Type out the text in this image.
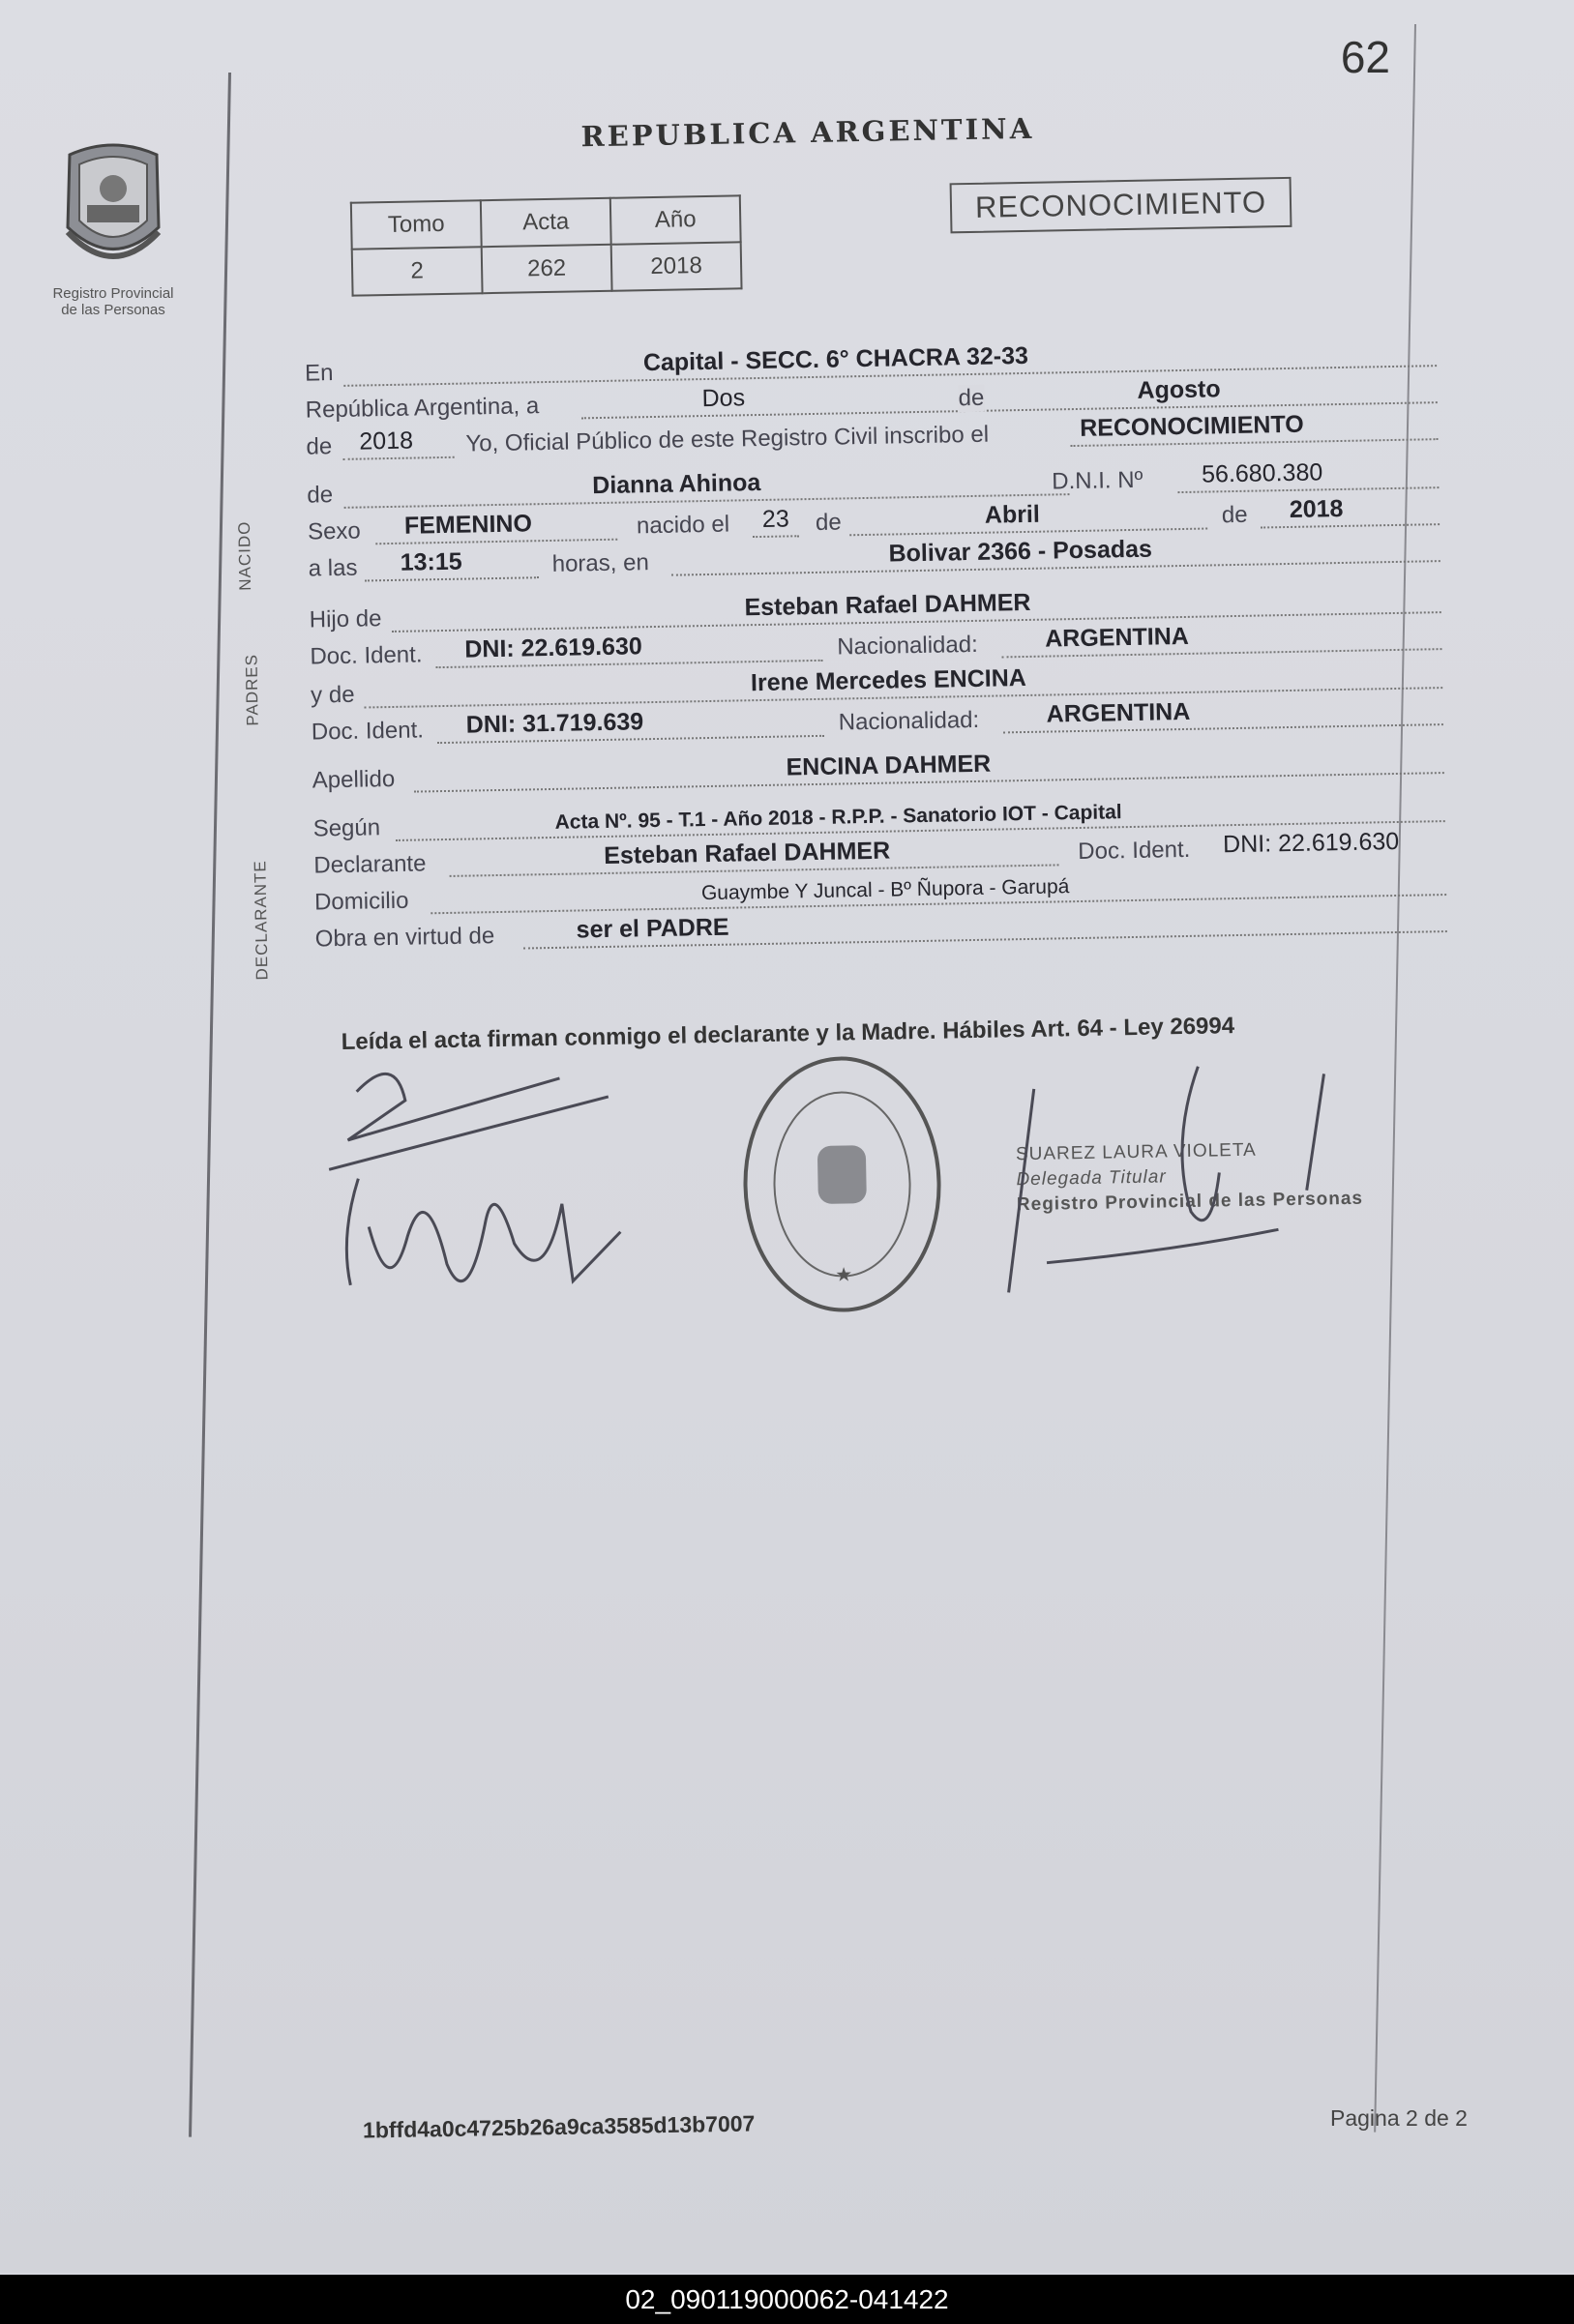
62
Registro Provincial
de las Personas
REPUBLICA ARGENTINA
Tomo	Acta	Año
2	262	2018
RECONOCIMIENTO
NACIDO
PADRES
DECLARANTE
En	Capital - SECC. 6° CHACRA 32-33
República Argentina, a	Dos	de	Agosto
de 2018 Yo, Oficial Público de este Registro Civil inscribo el	RECONOCIMIENTO
de	Dianna Ahinoa	D.N.I. Nº 56.680.380
Sexo FEMENINO	nacido el 23 de	Abril	de 2018
a las 13:15	horas, en	Bolivar 2366 - Posadas
Hijo de	Esteban Rafael DAHMER
Doc. Ident. DNI: 22.619.630	Nacionalidad:	ARGENTINA
y de	Irene Mercedes ENCINA
Doc. Ident. DNI: 31.719.639	Nacionalidad:	ARGENTINA
Apellido	ENCINA DAHMER
Según	Acta Nº. 95 - T.1 - Año 2018 - R.P.P. - Sanatorio IOT - Capital
Declarante	Esteban Rafael DAHMER	Doc. Ident. DNI: 22.619.630
Domicilio	Guaymbe Y Juncal - Bº Ñupora - Garupá
Obra en virtud de	ser el PADRE
Leída el acta firman conmigo el declarante y la Madre. Hábiles Art. 64 - Ley 26994
★
SUAREZ LAURA VIOLETA
Delegada Titular
Registro Provincial de las Personas
1bffd4a0c4725b26a9ca3585d13b7007	Pagina 2 de 2
02_090119000062-041422
